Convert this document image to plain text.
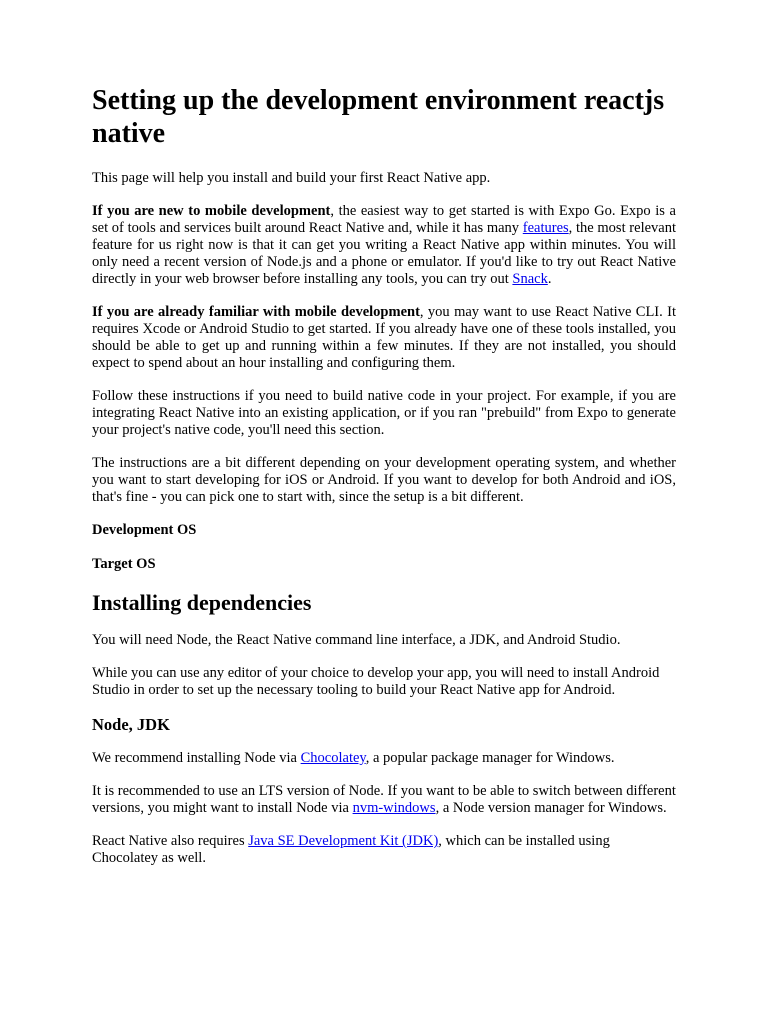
Setting up the development environment reactjs native

This page will help you install and build your first React Native app.

If you are new to mobile development, the easiest way to get started is with Expo Go. Expo is a set of tools and services built around React Native and, while it has many features, the most relevant feature for us right now is that it can get you writing a React Native app within minutes. You will only need a recent version of Node.js and a phone or emulator. If you'd like to try out React Native directly in your web browser before installing any tools, you can try out Snack.

If you are already familiar with mobile development, you may want to use React Native CLI. It requires Xcode or Android Studio to get started. If you already have one of these tools installed, you should be able to get up and running within a few minutes. If they are not installed, you should expect to spend about an hour installing and configuring them.

Follow these instructions if you need to build native code in your project. For example, if you are integrating React Native into an existing application, or if you ran "prebuild" from Expo to generate your project's native code, you'll need this section.

The instructions are a bit different depending on your development operating system, and whether you want to start developing for iOS or Android. If you want to develop for both Android and iOS, that's fine - you can pick one to start with, since the setup is a bit different.

Development OS

Target OS

Installing dependencies

You will need Node, the React Native command line interface, a JDK, and Android Studio.

While you can use any editor of your choice to develop your app, you will need to install Android Studio in order to set up the necessary tooling to build your React Native app for Android.

Node, JDK

We recommend installing Node via Chocolatey, a popular package manager for Windows.

It is recommended to use an LTS version of Node. If you want to be able to switch between different versions, you might want to install Node via nvm-windows, a Node version manager for Windows.

React Native also requires Java SE Development Kit (JDK), which can be installed using Chocolatey as well.
